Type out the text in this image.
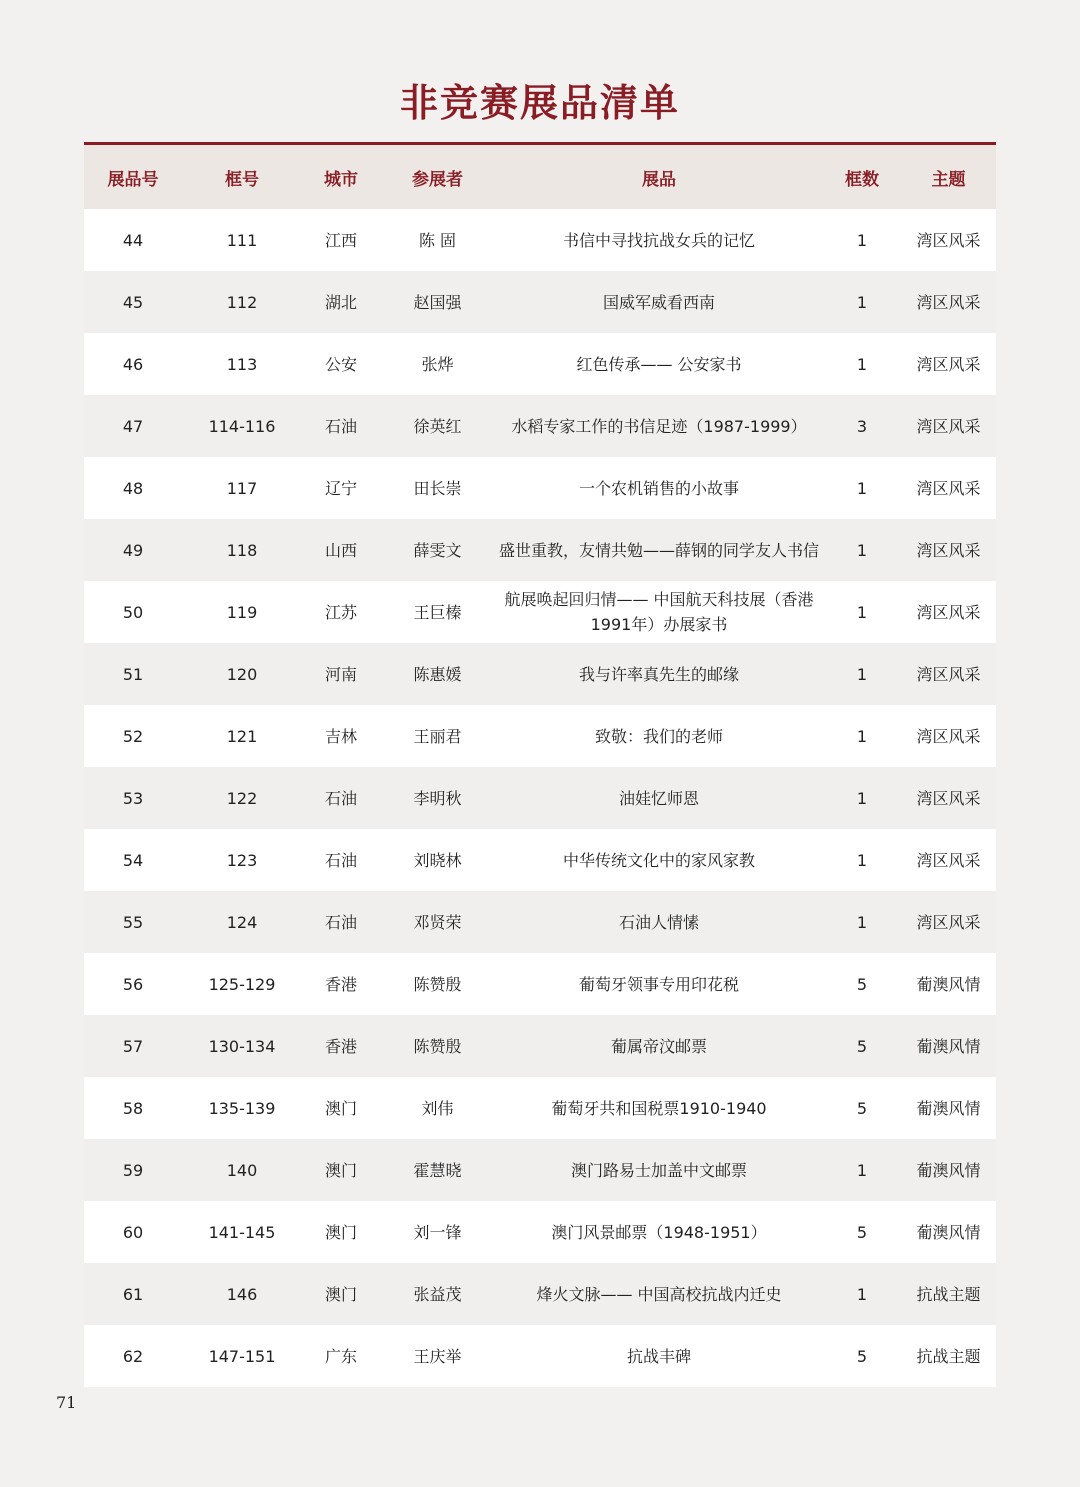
非竞赛展品清单
展品号	框号	城市	参展者	展品	框数	主题
44	111	江西	陈 固	书信中寻找抗战女兵的记忆	1	湾区风采
45	112	湖北	赵国强	国威军威看西南	1	湾区风采
46	113	公安	张烨	红色传承—— 公安家书	1	湾区风采
47	114-116	石油	徐英红	水稻专家工作的书信足迹（1987-1999）	3	湾区风采
48	117	辽宁	田长崇	一个农机销售的小故事	1	湾区风采
49	118	山西	薛雯文	盛世重教，友情共勉——薛钢的同学友人书信	1	湾区风采
50	119	江苏	王巨榛	航展唤起回归情—— 中国航天科技展（香港1991年）办展家书	1	湾区风采
51	120	河南	陈惠媛	我与许率真先生的邮缘	1	湾区风采
52	121	吉林	王丽君	致敬：我们的老师	1	湾区风采
53	122	石油	李明秋	油娃忆师恩	1	湾区风采
54	123	石油	刘晓林	中华传统文化中的家风家教	1	湾区风采
55	124	石油	邓贤荣	石油人情愫	1	湾区风采
56	125-129	香港	陈赞殷	葡萄牙领事专用印花税	5	葡澳风情
57	130-134	香港	陈赞殷	葡属帝汶邮票	5	葡澳风情
58	135-139	澳门	刘伟	葡萄牙共和国税票1910-1940	5	葡澳风情
59	140	澳门	霍慧晓	澳门路易士加盖中文邮票	1	葡澳风情
60	141-145	澳门	刘一锋	澳门风景邮票（1948-1951）	5	葡澳风情
61	146	澳门	张益茂	烽火文脉—— 中国高校抗战内迁史	1	抗战主题
62	147-151	广东	王庆举	抗战丰碑	5	抗战主题
71
